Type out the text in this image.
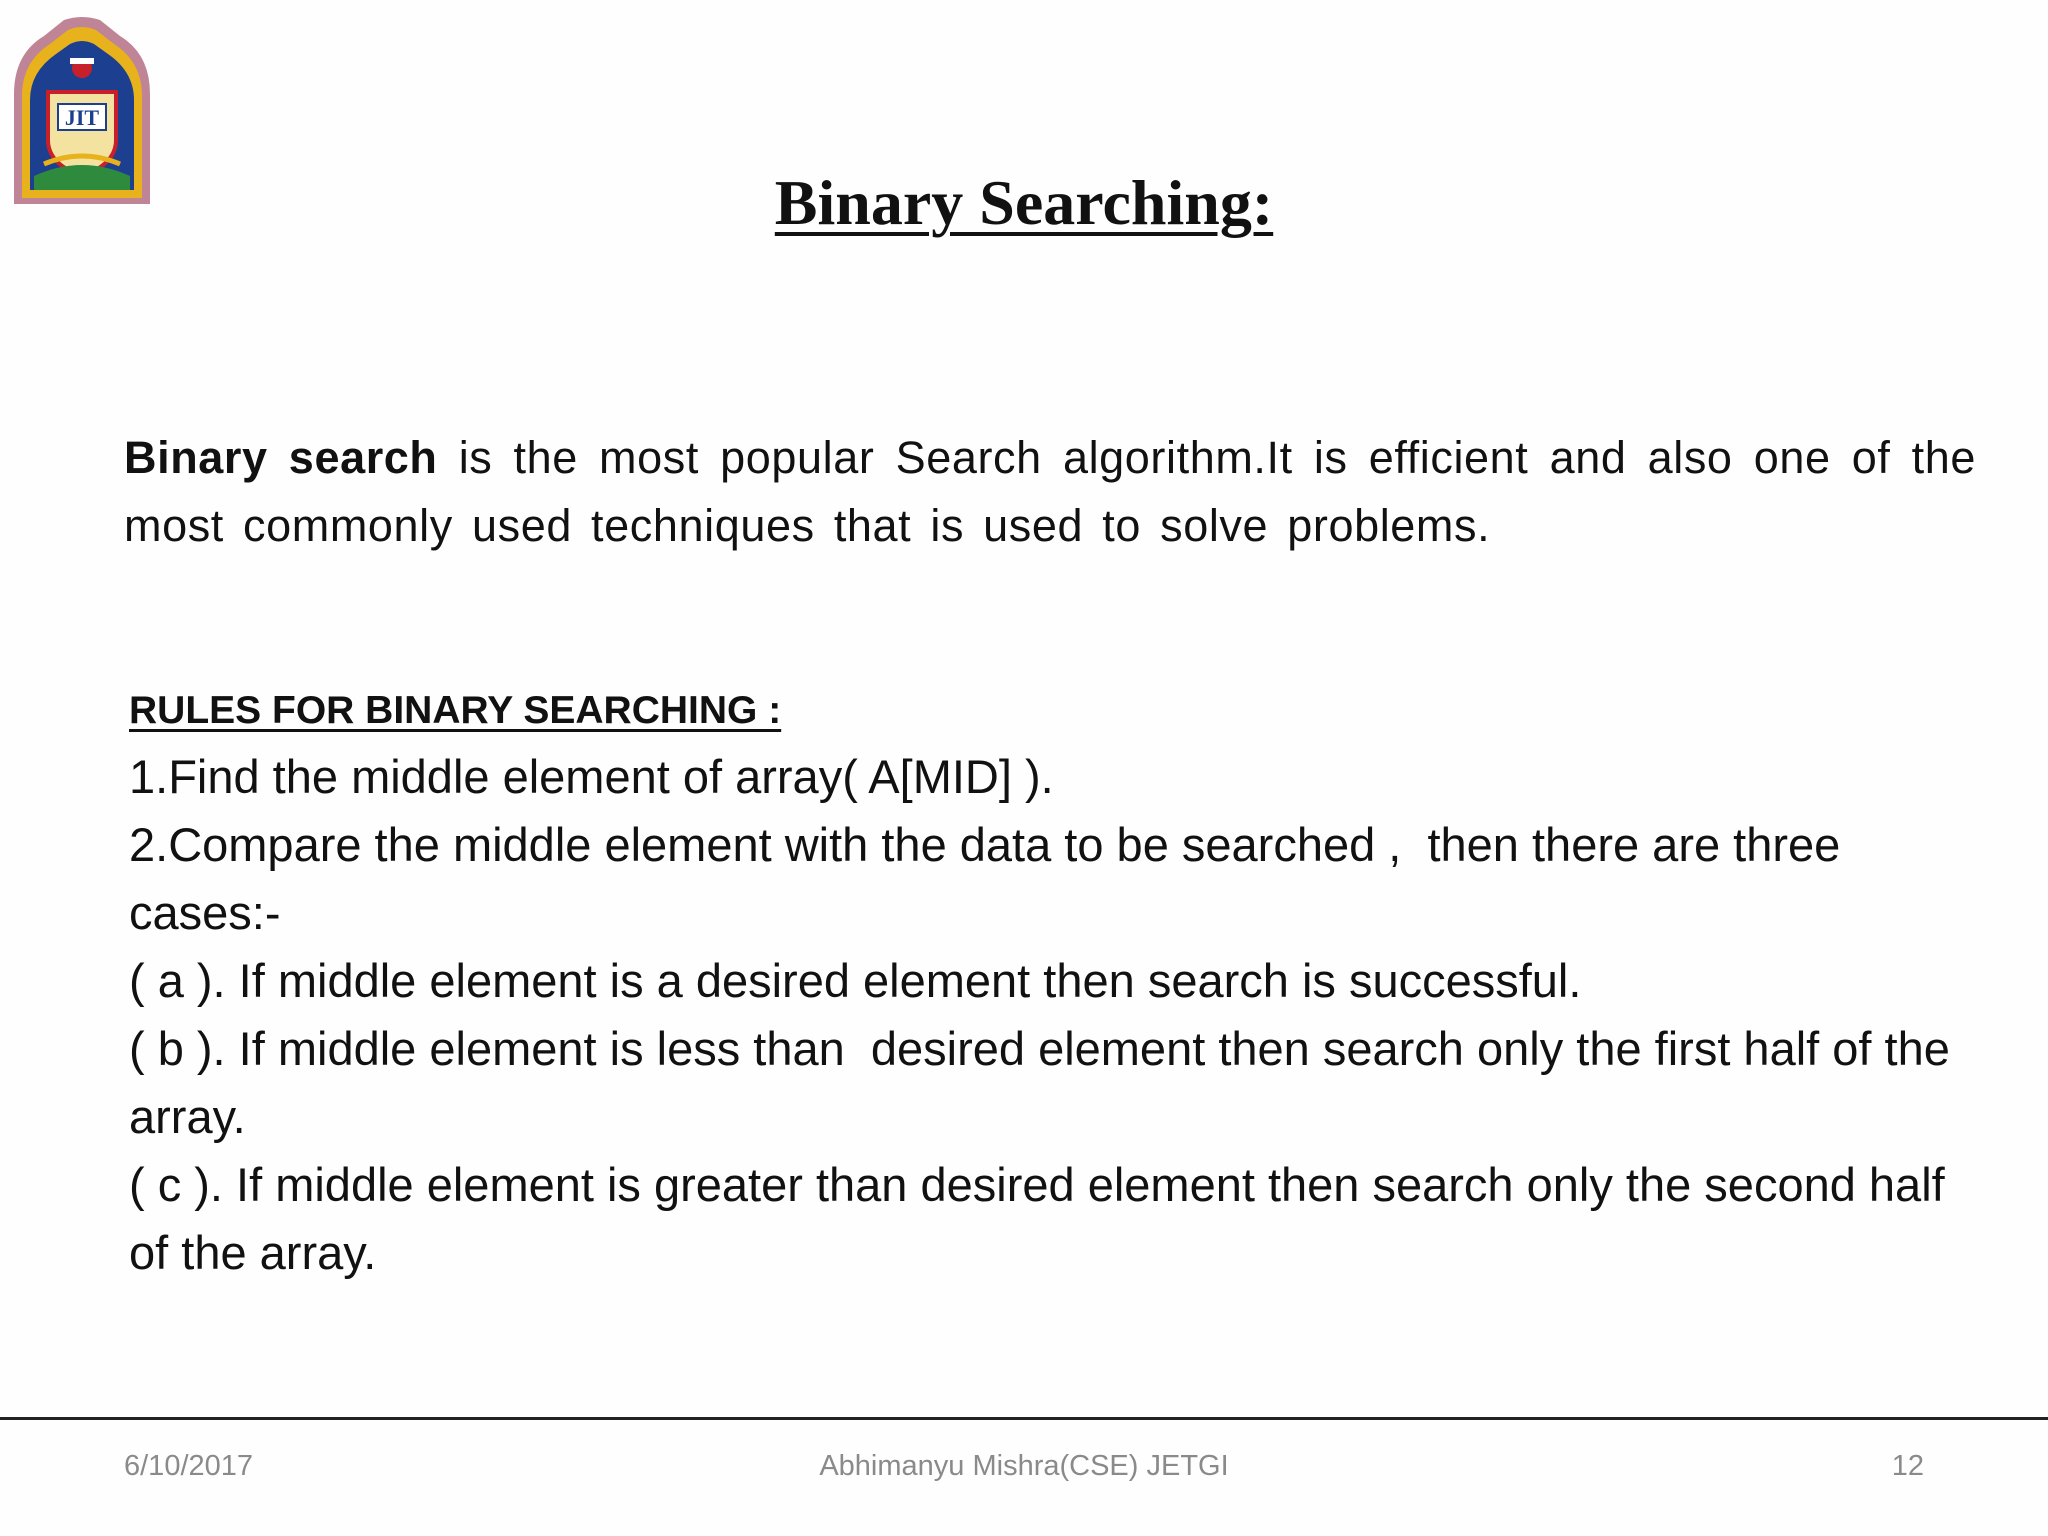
JIT
Binary Searching:

Binary search is the most popular Search algorithm.It is efficient and also one of the most commonly used techniques that is used to solve problems.

RULES FOR BINARY SEARCHING :

1.Find the middle element of array( A[MID] ).

2.Compare the middle element with the data to be searched ,  then there are three cases:-

( a ). If middle element is a desired element then search is successful.

( b ). If middle element is less than  desired element then search only the first half of the array.

( c ). If middle element is greater than desired element then search only the second half of the array.

6/10/2017	Abhimanyu Mishra(CSE) JETGI	12
